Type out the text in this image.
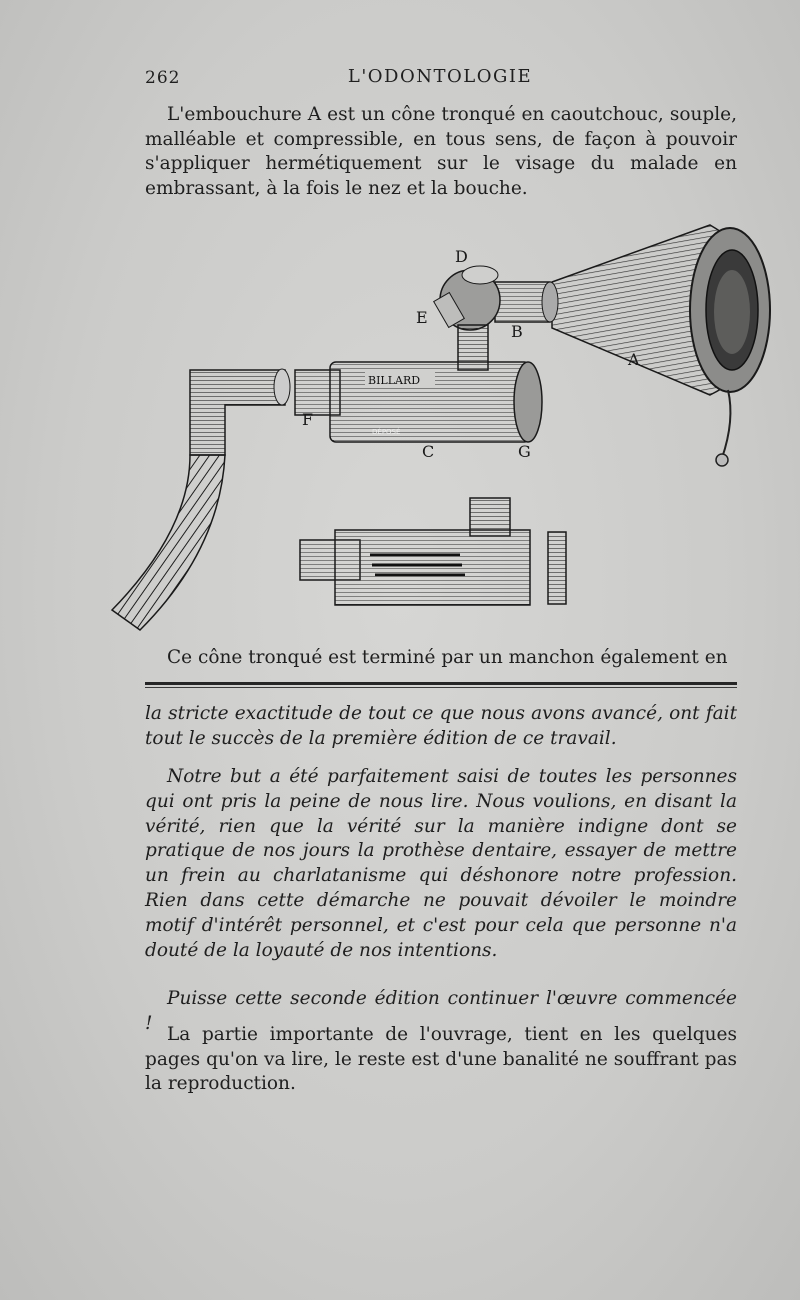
262	L'ODONTOLOGIE

L'embouchure A est un cône tronqué en caoutchouc, souple, malléable et compressible, en tous sens, de façon à pouvoir s'appliquer hermétiquement sur le visage du malade en embrassant, à la fois le nez et la bouche.

BILLARD
DÉPOSÉ
D
E
B
A
F
C	G

Ce cône tronqué est terminé par un manchon également en

la stricte exactitude de tout ce que nous avons avancé, ont fait tout le succès de la première édition de ce travail.

Notre but a été parfaitement saisi de toutes les personnes qui ont pris la peine de nous lire. Nous voulions, en disant la vérité, rien que la vérité sur la manière indigne dont se pratique de nos jours la prothèse dentaire, essayer de mettre un frein au charlatanisme qui déshonore notre profession. Rien dans cette démarche ne pouvait dévoiler le moindre motif d'intérêt personnel, et c'est pour cela que personne n'a douté de la loyauté de nos intentions.

Puisse cette seconde édition continuer l'œuvre commencée !

La partie importante de l'ouvrage, tient en les quelques pages qu'on va lire, le reste est d'une banalité ne souffrant pas la reproduction.
